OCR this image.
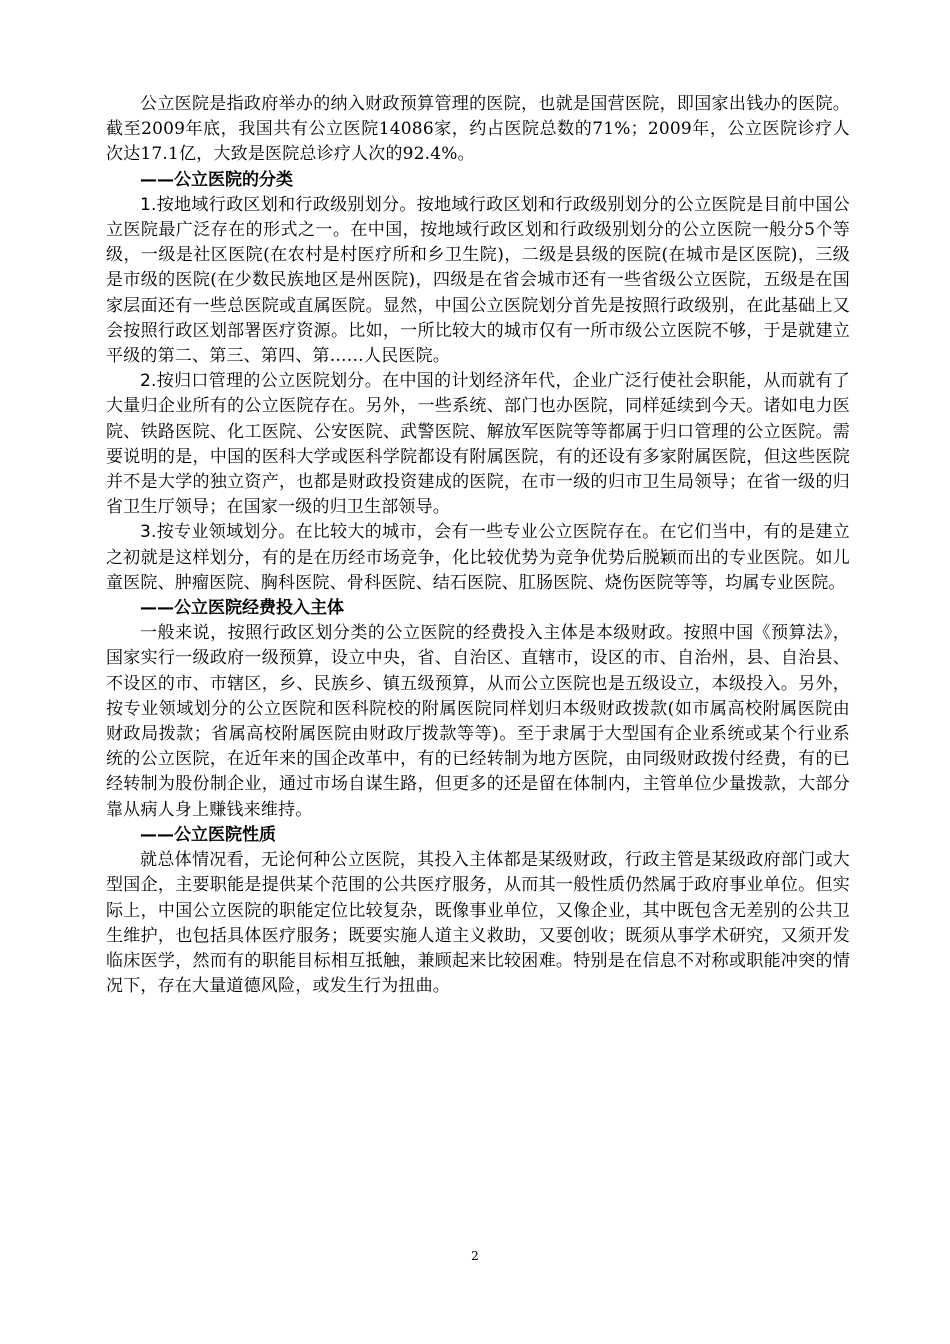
公立医院是指政府举办的纳入财政预算管理的医院，也就是国营医院，即国家出钱办的医院。截至2009年底，我国共有公立医院14086家，约占医院总数的71%；2009年，公立医院诊疗人次达17.1亿，大致是医院总诊疗人次的92.4%。

——公立医院的分类

1.按地域行政区划和行政级别划分。按地域行政区划和行政级别划分的公立医院是目前中国公立医院最广泛存在的形式之一。在中国，按地域行政区划和行政级别划分的公立医院一般分5个等级，一级是社区医院(在农村是村医疗所和乡卫生院)，二级是县级的医院(在城市是区医院)，三级是市级的医院(在少数民族地区是州医院)，四级是在省会城市还有一些省级公立医院，五级是在国家层面还有一些总医院或直属医院。显然，中国公立医院划分首先是按照行政级别，在此基础上又会按照行政区划部署医疗资源。比如，一所比较大的城市仅有一所市级公立医院不够，于是就建立平级的第二、第三、第四、第……人民医院。

2.按归口管理的公立医院划分。在中国的计划经济年代，企业广泛行使社会职能，从而就有了大量归企业所有的公立医院存在。另外，一些系统、部门也办医院，同样延续到今天。诸如电力医院、铁路医院、化工医院、公安医院、武警医院、解放军医院等等都属于归口管理的公立医院。需要说明的是，中国的医科大学或医科学院都设有附属医院，有的还设有多家附属医院，但这些医院并不是大学的独立资产，也都是财政投资建成的医院，在市一级的归市卫生局领导；在省一级的归省卫生厅领导；在国家一级的归卫生部领导。

3.按专业领域划分。在比较大的城市，会有一些专业公立医院存在。在它们当中，有的是建立之初就是这样划分，有的是在历经市场竞争，化比较优势为竞争优势后脱颖而出的专业医院。如儿童医院、肿瘤医院、胸科医院、骨科医院、结石医院、肛肠医院、烧伤医院等等，均属专业医院。

——公立医院经费投入主体

一般来说，按照行政区划分类的公立医院的经费投入主体是本级财政。按照中国《预算法》，国家实行一级政府一级预算，设立中央，省、自治区、直辖市，设区的市、自治州，县、自治县、不设区的市、市辖区，乡、民族乡、镇五级预算，从而公立医院也是五级设立，本级投入。另外，按专业领域划分的公立医院和医科院校的附属医院同样划归本级财政拨款(如市属高校附属医院由财政局拨款；省属高校附属医院由财政厅拨款等等)。至于隶属于大型国有企业系统或某个行业系统的公立医院，在近年来的国企改革中，有的已经转制为地方医院，由同级财政拨付经费，有的已经转制为股份制企业，通过市场自谋生路，但更多的还是留在体制内，主管单位少量拨款，大部分靠从病人身上赚钱来维持。

——公立医院性质

就总体情况看，无论何种公立医院，其投入主体都是某级财政，行政主管是某级政府部门或大型国企，主要职能是提供某个范围的公共医疗服务，从而其一般性质仍然属于政府事业单位。但实际上，中国公立医院的职能定位比较复杂，既像事业单位，又像企业，其中既包含无差别的公共卫生维护，也包括具体医疗服务；既要实施人道主义救助，又要创收；既须从事学术研究，又须开发临床医学，然而有的职能目标相互抵触，兼顾起来比较困难。特别是在信息不对称或职能冲突的情况下，存在大量道德风险，或发生行为扭曲。

2
